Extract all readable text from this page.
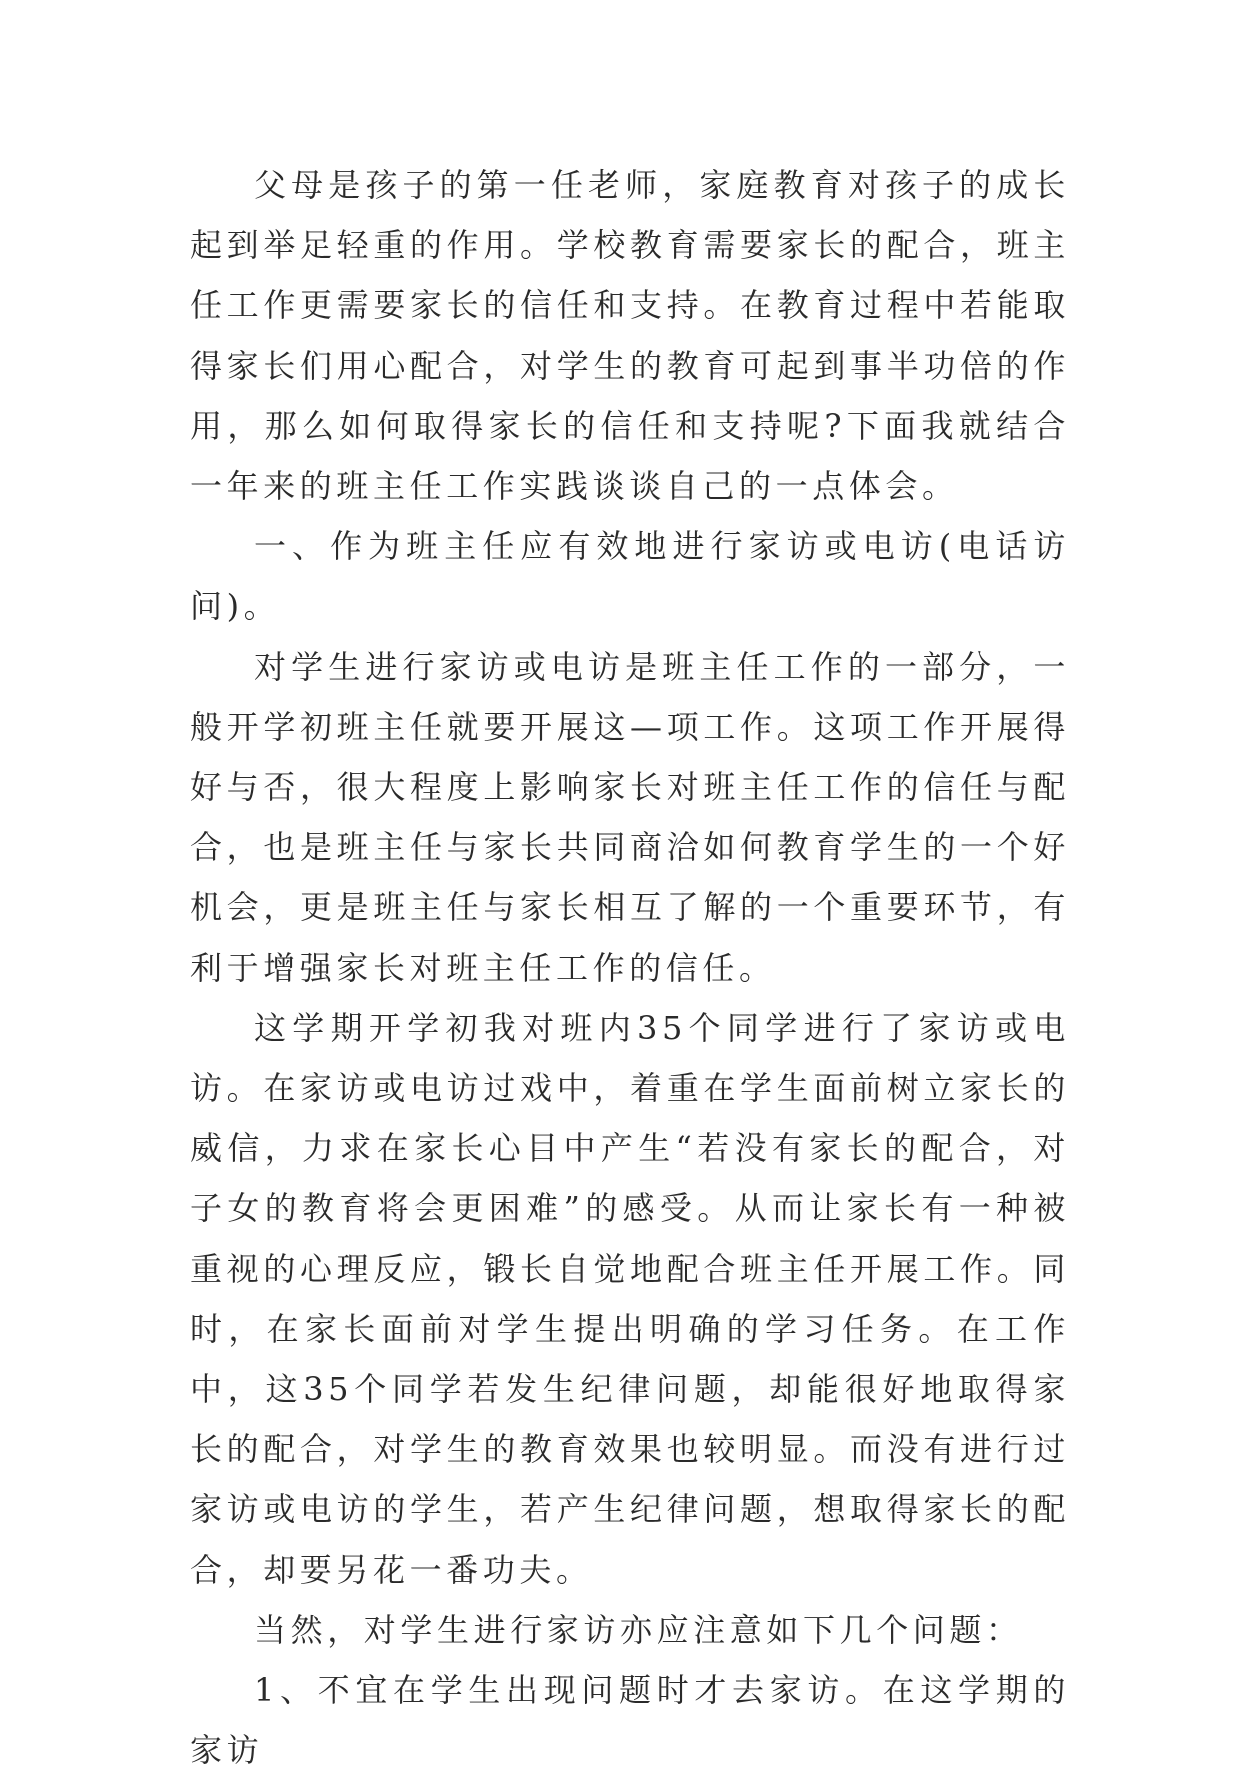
父母是孩子的第一任老师，家庭教育对孩子的成长起到举足轻重的作用。学校教育需要家长的配合，班主任工作更需要家长的信任和支持。在教育过程中若能取得家长们用心配合，对学生的教育可起到事半功倍的作用，那么如何取得家长的信任和支持呢?下面我就结合一年来的班主任工作实践谈谈自己的一点体会。

一、作为班主任应有效地进行家访或电访(电话访问)。

对学生进行家访或电访是班主任工作的一部分，一般开学初班主任就要开展这—项工作。这项工作开展得好与否，很大程度上影响家长对班主任工作的信任与配合，也是班主任与家长共同商洽如何教育学生的一个好机会，更是班主任与家长相互了解的一个重要环节，有利于增强家长对班主任工作的信任。

这学期开学初我对班内35个同学进行了家访或电访。在家访或电访过戏中，着重在学生面前树立家长的威信，力求在家长心目中产生“若没有家长的配合，对子女的教育将会更困难”的感受。从而让家长有一种被重视的心理反应，锻长自觉地配合班主任开展工作。同时，在家长面前对学生提出明确的学习任务。在工作中，这35个同学若发生纪律问题，却能很好地取得家长的配合，对学生的教育效果也较明显。而没有进行过家访或电访的学生，若产生纪律问题，想取得家长的配合，却要另花一番功夫。

当然，对学生进行家访亦应注意如下几个问题：

1、不宜在学生出现问题时才去家访。在这学期的家访
